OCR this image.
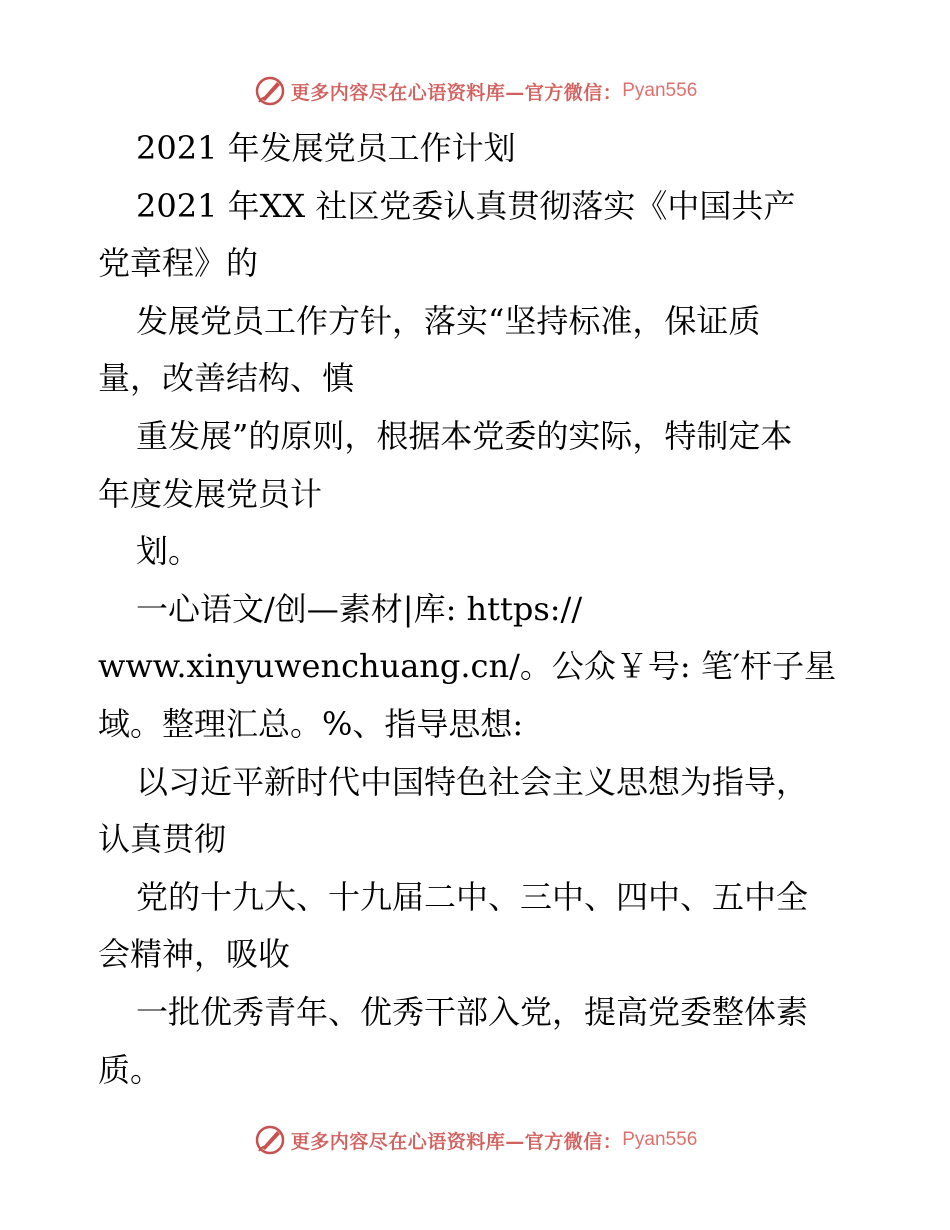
更多内容尽在心语资料库—官方微信： Pyan556
2021 年发展党员工作计划
2021 年XX 社区党委认真贯彻落实《中国共产
党章程》的
发展党员工作方针，落实“坚持标准，保证质
量，改善结构、慎
重发展”的原则，根据本党委的实际，特制定本
年度发展党员计
划。
一心语文/创—素材|库: https://
www.xinyuwenchuang.cn/。公众￥号: 笔′杆子星
域。整理汇总。%、指导思想:
以习近平新时代中国特色社会主义思想为指导，
认真贯彻
党的十九大、十九届二中、三中、四中、五中全
会精神，吸收
一批优秀青年、优秀干部入党，提高党委整体素
质。
更多内容尽在心语资料库—官方微信： Pyan556
